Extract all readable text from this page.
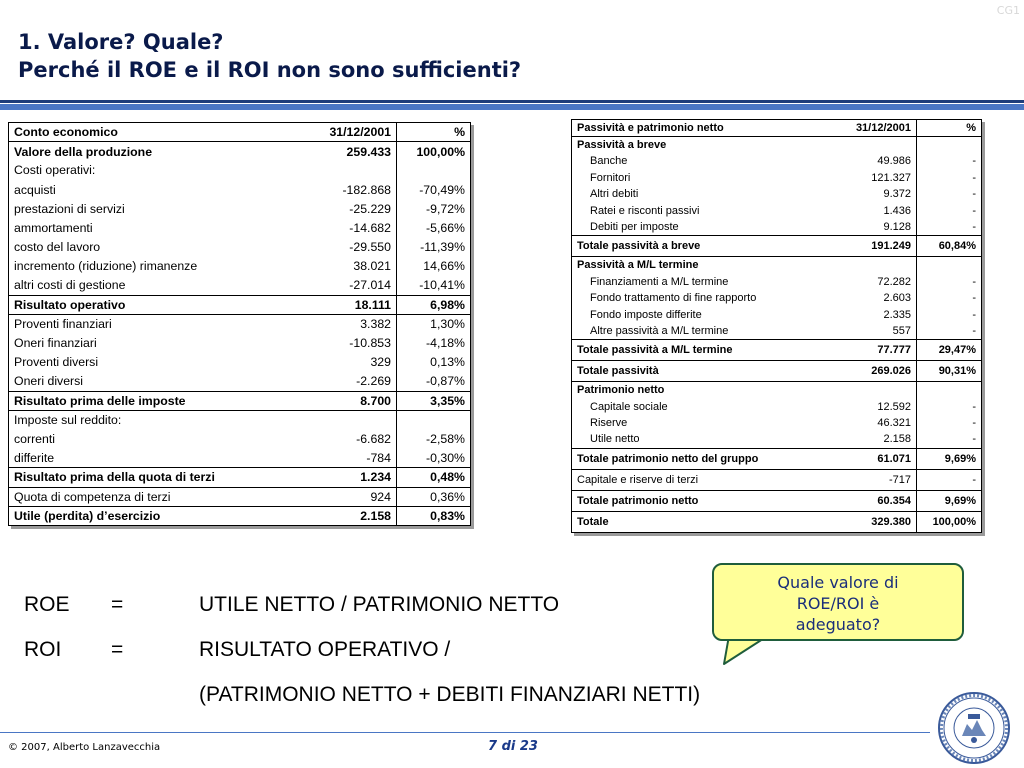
CG1
1. Valore? Quale?
Perché il ROE e il ROI non sono sufficienti?
Conto economico	31/12/2001	%
Valore della produzione	259.433	100,00%
Costi operativi:		
acquisti	-182.868	-70,49%
prestazioni di servizi	-25.229	-9,72%
ammortamenti	-14.682	-5,66%
costo del lavoro	-29.550	-11,39%
incremento (riduzione) rimanenze	38.021	14,66%
altri costi di gestione	-27.014	-10,41%
Risultato operativo	18.111	6,98%
Proventi finanziari	3.382	1,30%
Oneri finanziari	-10.853	-4,18%
Proventi diversi	329	0,13%
Oneri diversi	-2.269	-0,87%
Risultato prima delle imposte	8.700	3,35%
Imposte sul reddito:		
correnti	-6.682	-2,58%
differite	-784	-0,30%
Risultato prima della quota di terzi	1.234	0,48%
Quota di competenza di terzi	924	0,36%
Utile (perdita) d’esercizio	2.158	0,83%
Passività e patrimonio netto	31/12/2001	%
Passività a breve		
Banche	49.986	-
Fornitori	121.327	-
Altri debiti	9.372	-
Ratei e risconti passivi	1.436	-
Debiti per imposte	9.128	-
Totale passività a breve	191.249	60,84%
Passività a M/L termine		
Finanziamenti a M/L termine	72.282	-
Fondo trattamento di fine rapporto	2.603	-
Fondo imposte differite	2.335	-
Altre passività a M/L termine	557	-
Totale passività a M/L termine	77.777	29,47%
Totale passività	269.026	90,31%
Patrimonio netto		
Capitale sociale	12.592	-
Riserve	46.321	-
Utile netto	2.158	-
Totale patrimonio netto del gruppo	61.071	9,69%
Capitale e riserve di terzi	-717	-
Totale patrimonio netto	60.354	9,69%
Totale	329.380	100,00%
ROE =	UTILE NETTO / PATRIMONIO NETTO
ROI =	RISULTATO OPERATIVO /
(PATRIMONIO NETTO + DEBITI FINANZIARI NETTI)
Quale valore di
ROE/ROI è
adeguato?
© 2007, Alberto Lanzavecchia	7 di 23
